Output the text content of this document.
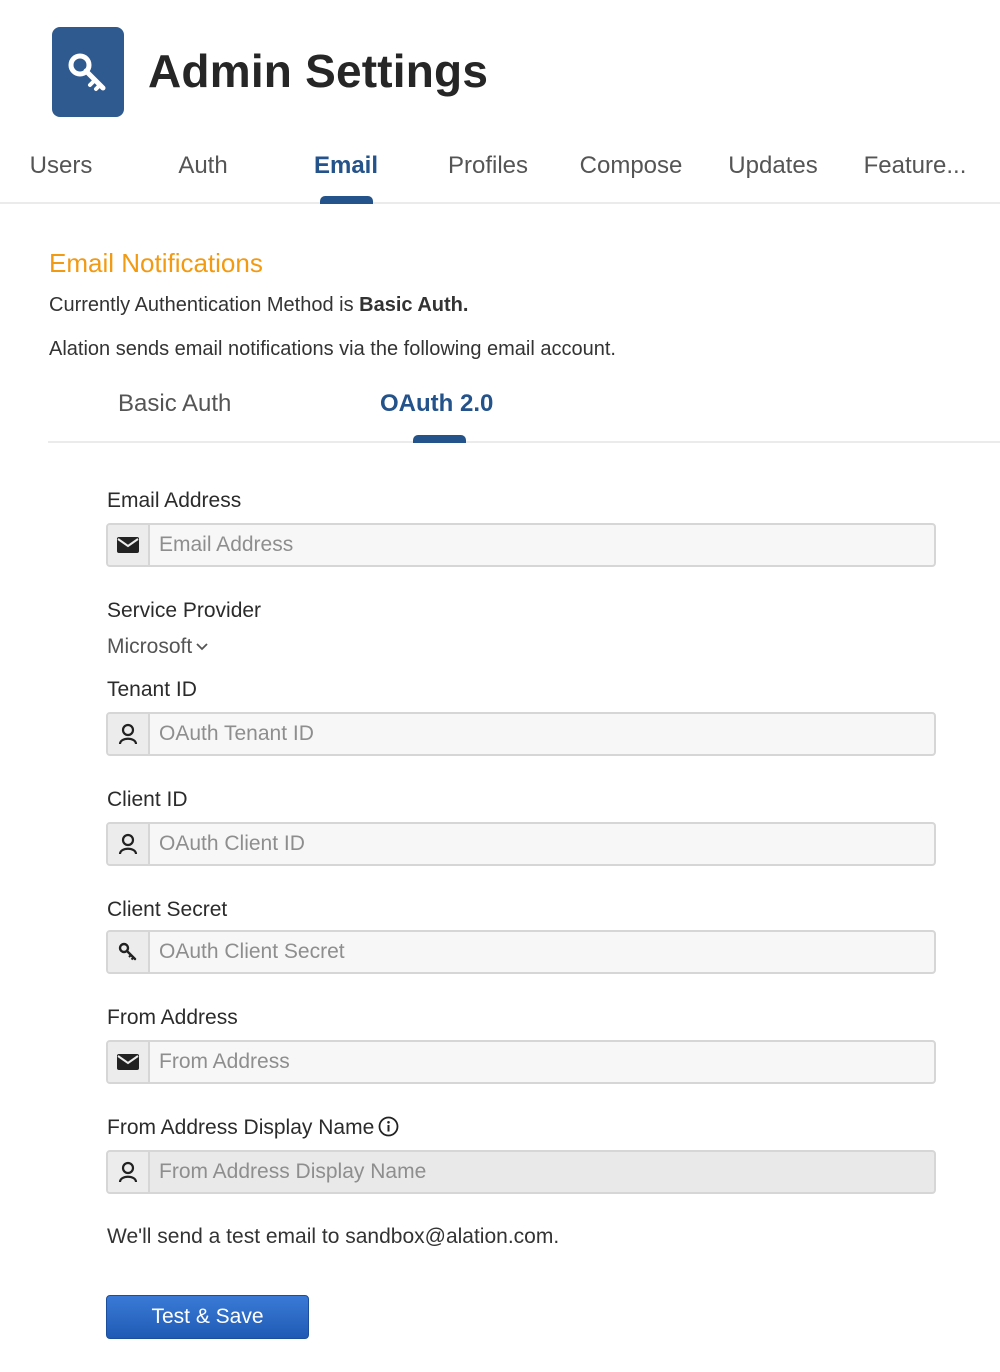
Admin Settings
Users	Auth	Email	Profiles	Compose	Updates	Feature...
Email Notifications
Currently Authentication Method is Basic Auth.
Alation sends email notifications via the following email account.
Basic Auth	OAuth 2.0
Email Address
Email Address
Service Provider
Microsoft
Tenant ID
OAuth Tenant ID
Client ID
OAuth Client ID
Client Secret
From Address
From Address
From Address Display Name
From Address Display Name
We'll send a test email to sandbox@alation.com.
Test & Save
